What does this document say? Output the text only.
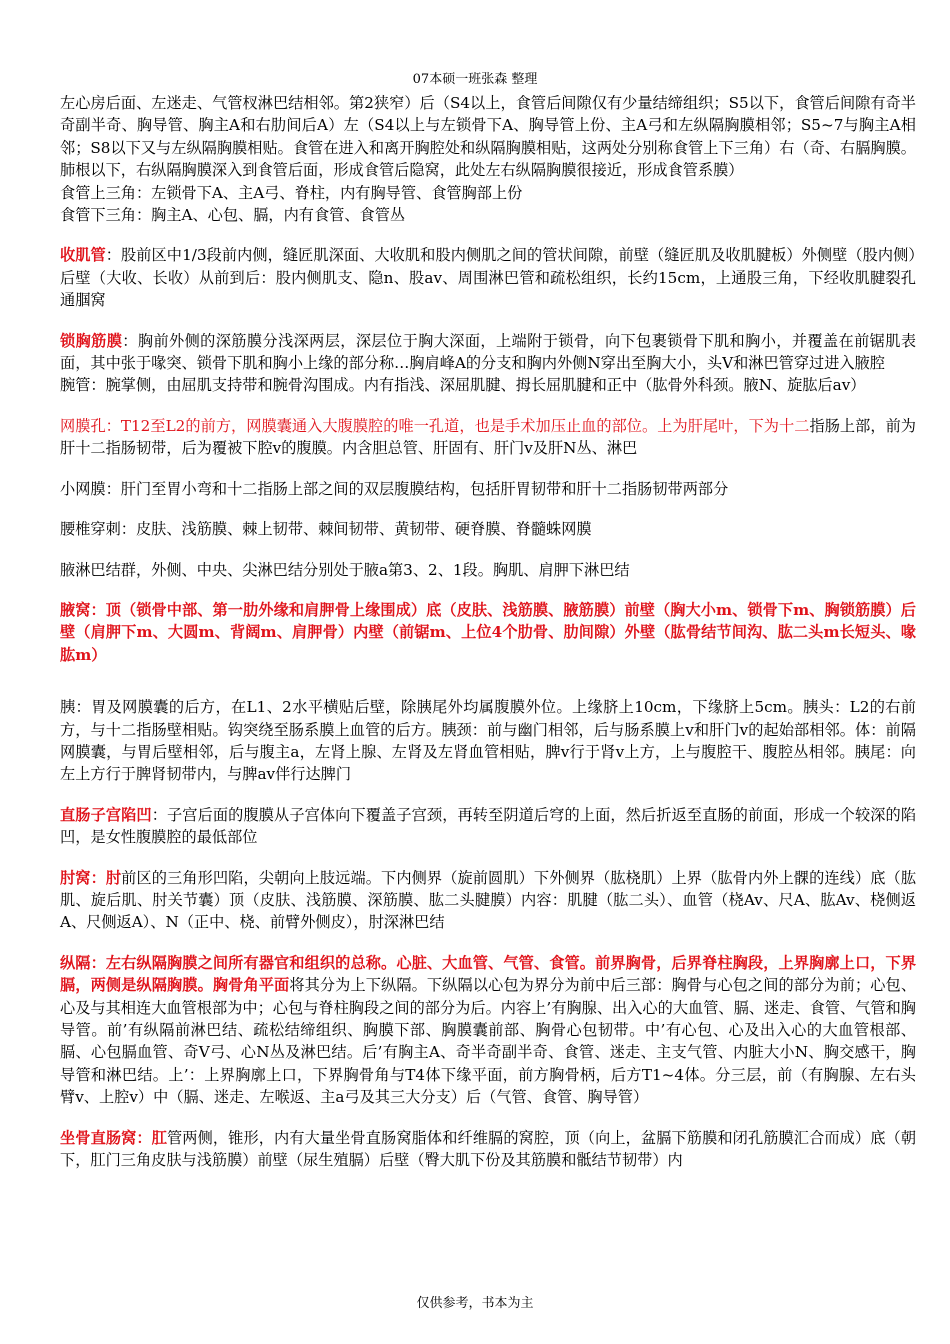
07本硕一班张森 整理

左心房后面、左迷走、气管杈淋巴结相邻。第2狭窄）后（S4以上，食管后间隙仅有少量结缔组织；S5以下，食管后间隙有奇半奇副半奇、胸导管、胸主A和右肋间后A）左（S4以上与左锁骨下A、胸导管上份、主A弓和左纵隔胸膜相邻；S5~7与胸主A相邻；S8以下又与左纵隔胸膜相贴。食管在进入和离开胸腔处和纵隔胸膜相贴，这两处分别称食管上下三角）右（奇、右膈胸膜。肺根以下，右纵隔胸膜深入到食管后面，形成食管后隐窝，此处左右纵隔胸膜很接近，形成食管系膜）

食管上三角：左锁骨下A、主A弓、脊柱，内有胸导管、食管胸部上份

食管下三角：胸主A、心包、膈，内有食管、食管丛

收肌管：股前区中1/3段前内侧，缝匠肌深面、大收肌和股内侧肌之间的管状间隙，前壁（缝匠肌及收肌腱板）外侧壁（股内侧）后壁（大收、长收）从前到后：股内侧肌支、隐n、股av、周围淋巴管和疏松组织，长约15cm，上通股三角，下经收肌腱裂孔通腘窝

锁胸筋膜：胸前外侧的深筋膜分浅深两层，深层位于胸大深面，上端附于锁骨，向下包裹锁骨下肌和胸小，并覆盖在前锯肌表面，其中张于喙突、锁骨下肌和胸小上缘的部分称…胸肩峰A的分支和胸内外侧N穿出至胸大小，头V和淋巴管穿过进入腋腔

腕管：腕掌侧，由屈肌支持带和腕骨沟围成。内有指浅、深屈肌腱、拇长屈肌腱和正中（肱骨外科颈。腋N、旋肱后av）

网膜孔：T12至L2的前方，网膜囊通入大腹膜腔的唯一孔道，也是手术加压止血的部位。上为肝尾叶，下为十二指肠上部，前为肝十二指肠韧带，后为覆被下腔v的腹膜。内含胆总管、肝固有、肝门v及肝N丛、淋巴

小网膜：肝门至胃小弯和十二指肠上部之间的双层腹膜结构，包括肝胃韧带和肝十二指肠韧带两部分

腰椎穿刺：皮肤、浅筋膜、棘上韧带、棘间韧带、黄韧带、硬脊膜、脊髓蛛网膜

腋淋巴结群，外侧、中央、尖淋巴结分别处于腋a第3、2、1段。胸肌、肩胛下淋巴结

腋窝：顶（锁骨中部、第一肋外缘和肩胛骨上缘围成）底（皮肤、浅筋膜、腋筋膜）前壁（胸大小m、锁骨下m、胸锁筋膜）后壁（肩胛下m、大圆m、背阔m、肩胛骨）内壁（前锯m、上位4个肋骨、肋间隙）外壁（肱骨结节间沟、肱二头m长短头、喙肱m）

胰：胃及网膜囊的后方，在L1、2水平横贴后壁，除胰尾外均属腹膜外位。上缘脐上10cm，下缘脐上5cm。胰头：L2的右前方，与十二指肠壁相贴。钩突绕至肠系膜上血管的后方。胰颈：前与幽门相邻，后与肠系膜上v和肝门v的起始部相邻。体：前隔网膜囊，与胃后壁相邻，后与腹主a，左肾上腺、左肾及左肾血管相贴，脾v行于肾v上方，上与腹腔干、腹腔丛相邻。胰尾：向左上方行于脾肾韧带内，与脾av伴行达脾门

直肠子宫陷凹：子宫后面的腹膜从子宫体向下覆盖子宫颈，再转至阴道后穹的上面，然后折返至直肠的前面，形成一个较深的陷凹，是女性腹膜腔的最低部位

肘窝：肘前区的三角形凹陷，尖朝向上肢远端。下内侧界（旋前圆肌）下外侧界（肱桡肌）上界（肱骨内外上髁的连线）底（肱肌、旋后肌、肘关节囊）顶（皮肤、浅筋膜、深筋膜、肱二头腱膜）内容：肌腱（肱二头）、血管（桡Av、尺A、肱Av、桡侧返A、尺侧返A）、N（正中、桡、前臂外侧皮），肘深淋巴结

纵隔：左右纵隔胸膜之间所有器官和组织的总称。心脏、大血管、气管、食管。前界胸骨，后界脊柱胸段，上界胸廓上口，下界膈，两侧是纵隔胸膜。胸骨角平面将其分为上下纵隔。下纵隔以心包为界分为前中后三部：胸骨与心包之间的部分为前；心包、心及与其相连大血管根部为中；心包与脊柱胸段之间的部分为后。内容上’有胸腺、出入心的大血管、膈、迷走、食管、气管和胸导管。前’有纵隔前淋巴结、疏松结缔组织、胸膜下部、胸膜囊前部、胸骨心包韧带。中’有心包、心及出入心的大血管根部、膈、心包膈血管、奇V弓、心N丛及淋巴结。后’有胸主A、奇半奇副半奇、食管、迷走、主支气管、内脏大小N、胸交感干，胸导管和淋巴结。上’：上界胸廓上口，下界胸骨角与T4体下缘平面，前方胸骨柄，后方T1~4体。分三层，前（有胸腺、左右头臂v、上腔v）中（膈、迷走、左喉返、主a弓及其三大分支）后（气管、食管、胸导管）

坐骨直肠窝：肛管两侧，锥形，内有大量坐骨直肠窝脂体和纤维膈的窝腔，顶（向上，盆膈下筋膜和闭孔筋膜汇合而成）底（朝下，肛门三角皮肤与浅筋膜）前壁（尿生殖膈）后壁（臀大肌下份及其筋膜和骶结节韧带）内

仅供参考，书本为主
